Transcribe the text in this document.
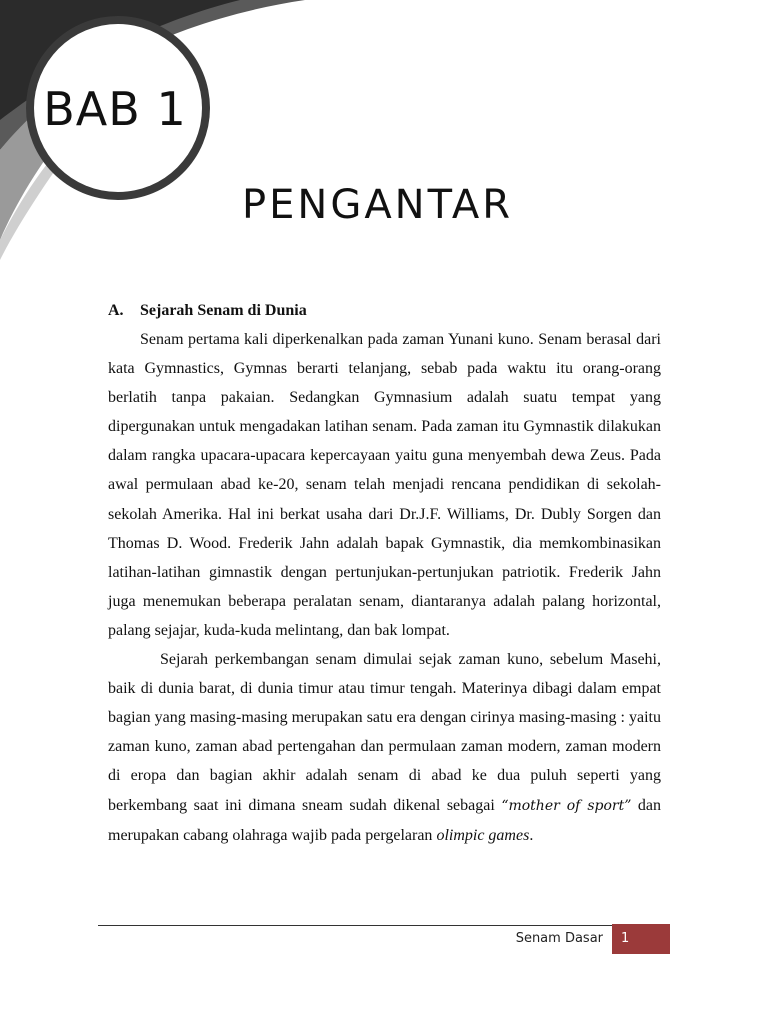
BAB 1
PENGANTAR
A.	Sejarah Senam di Dunia

Senam pertama kali diperkenalkan pada zaman Yunani kuno. Senam berasal dari kata Gymnastics, Gymnas berarti telanjang, sebab pada waktu itu orang-orang berlatih tanpa pakaian. Sedangkan Gymnasium adalah suatu tempat yang dipergunakan untuk mengadakan latihan senam. Pada zaman itu Gymnastik dilakukan dalam rangka upacara-upacara kepercayaan yaitu guna menyembah dewa Zeus. Pada awal permulaan abad ke-20, senam telah menjadi rencana pendidikan di sekolah-sekolah Amerika. Hal ini berkat usaha dari Dr.J.F. Williams, Dr. Dubly Sorgen dan Thomas D. Wood. Frederik Jahn adalah bapak Gymnastik, dia memkombinasikan latihan-latihan gimnastik dengan pertunjukan-pertunjukan patriotik. Frederik Jahn juga menemukan beberapa peralatan senam, diantaranya adalah palang horizontal, palang sejajar, kuda-kuda melintang, dan bak lompat.

Sejarah perkembangan senam dimulai sejak zaman kuno, sebelum Masehi, baik di dunia barat, di dunia timur atau timur tengah. Materinya dibagi dalam empat bagian yang masing-masing merupakan satu era dengan cirinya masing-masing : yaitu zaman kuno, zaman abad pertengahan dan permulaan zaman modern, zaman modern di eropa dan bagian akhir adalah senam di abad ke dua puluh seperti yang berkembang saat ini dimana sneam sudah dikenal sebagai “mother of sport” dan merupakan cabang olahraga wajib pada pergelaran olimpic games.

Senam Dasar	1
